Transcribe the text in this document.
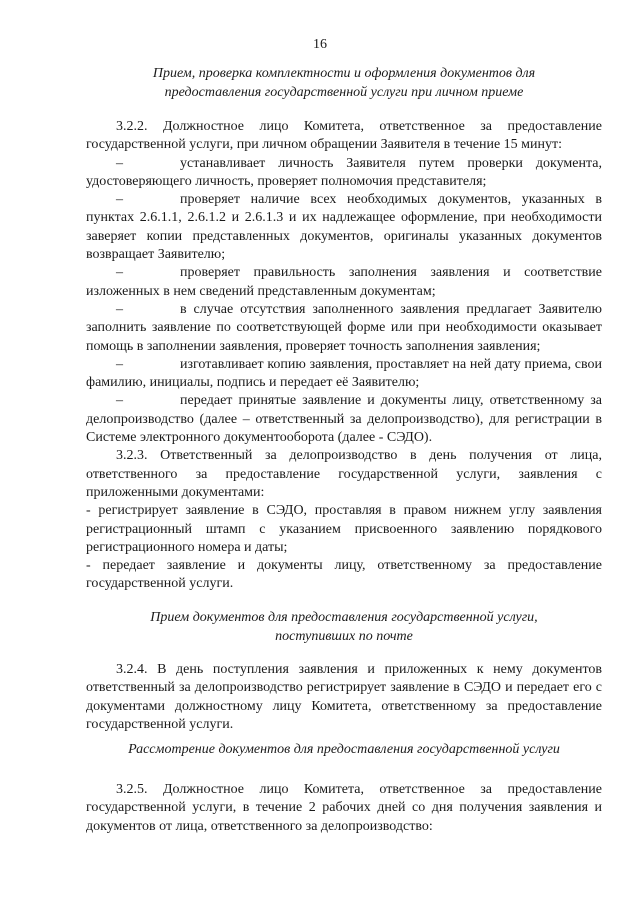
16
Прием, проверка комплектности и оформления документов для
предоставления государственной услуги при личном приеме

3.2.2. Должностное лицо Комитета, ответственное за предоставление государственной услуги, при личном обращении Заявителя в течение 15 минут:

–	устанавливает личность Заявителя путем проверки документа, удостоверяющего личность, проверяет полномочия представителя;

–	проверяет наличие всех необходимых документов, указанных в пунктах 2.6.1.1, 2.6.1.2 и 2.6.1.3 и их надлежащее оформление, при необходимости заверяет копии представленных документов, оригиналы указанных документов возвращает Заявителю;

–	проверяет правильность заполнения заявления и соответствие изложенных в нем сведений представленным документам;

–	в случае отсутствия заполненного заявления предлагает Заявителю заполнить заявление по соответствующей форме или при необходимости оказывает помощь в заполнении заявления, проверяет точность заполнения заявления;

–	изготавливает копию заявления, проставляет на ней дату приема, свои фамилию, инициалы, подпись и передает её Заявителю;

–	передает принятые заявление и документы лицу, ответственному за делопроизводство (далее – ответственный за делопроизводство), для регистрации в Системе электронного документооборота (далее - СЭДО).

3.2.3. Ответственный за делопроизводство в день получения от лица, ответственного за предоставление государственной услуги, заявления с приложенными документами:

- регистрирует заявление в СЭДО, проставляя в правом нижнем углу заявления регистрационный штамп с указанием присвоенного заявлению порядкового регистрационного номера и даты;

- передает заявление и документы лицу, ответственному за предоставление государственной услуги.

Прием документов для предоставления государственной услуги,
поступивших по почте

3.2.4. В день поступления заявления и приложенных к нему документов ответственный за делопроизводство регистрирует заявление в СЭДО и передает его с документами должностному лицу Комитета, ответственному за предоставление государственной услуги.

Рассмотрение документов для предоставления государственной услуги

3.2.5. Должностное лицо Комитета, ответственное за предоставление государственной услуги, в течение 2 рабочих дней со дня получения заявления и документов от лица, ответственного за делопроизводство:
